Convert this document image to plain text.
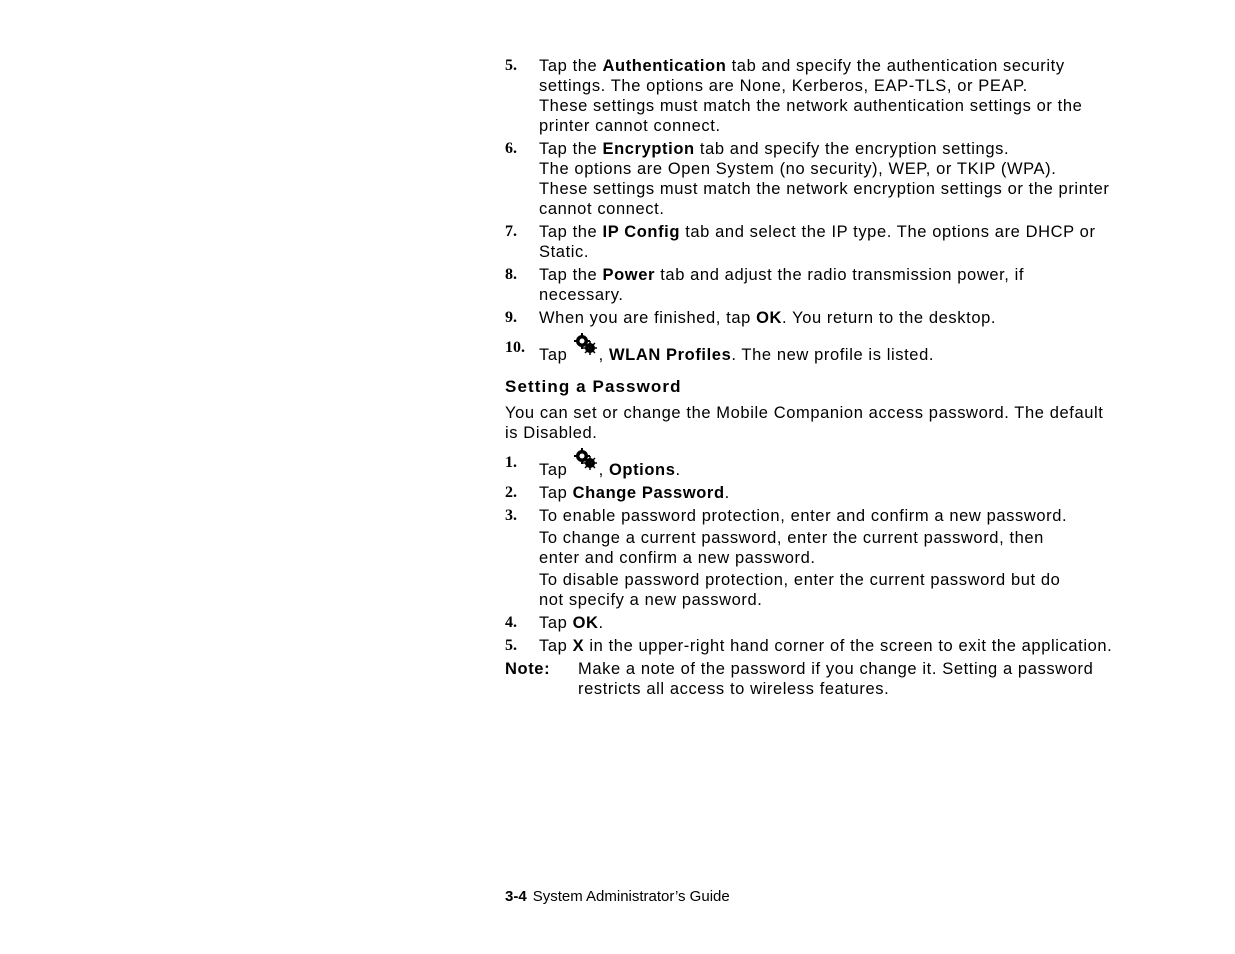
5. Tap the Authentication tab and specify the authentication security
settings. The options are None, Kerberos, EAP-TLS, or PEAP.
These settings must match the network authentication settings or the
printer cannot connect.
6. Tap the Encryption tab and specify the encryption settings.
The options are Open System (no security), WEP, or TKIP (WPA).
These settings must match the network encryption settings or the printer
cannot connect.
7. Tap the IP Config tab and select the IP type. The options are DHCP or
Static.
8. Tap the Power tab and adjust the radio transmission power, if
necessary.
9. When you are finished, tap OK. You return to the desktop.
10. Tap
, WLAN Profiles. The new profile is listed.
Setting a Password
You can set or change the Mobile Companion access password. The default
is Disabled.
1. Tap
, Options.
2. Tap Change Password.
3. To enable password protection, enter and confirm a new password.
To change a current password, enter the current password, then
enter and confirm a new password.
To disable password protection, enter the current password but do
not specify a new password.
4. Tap OK.
5. Tap X in the upper-right hand corner of the screen to exit the application.
Note: Make a note of the password if you change it. Setting a password
restricts all access to wireless features.
3-4 System Administrator’s Guide
